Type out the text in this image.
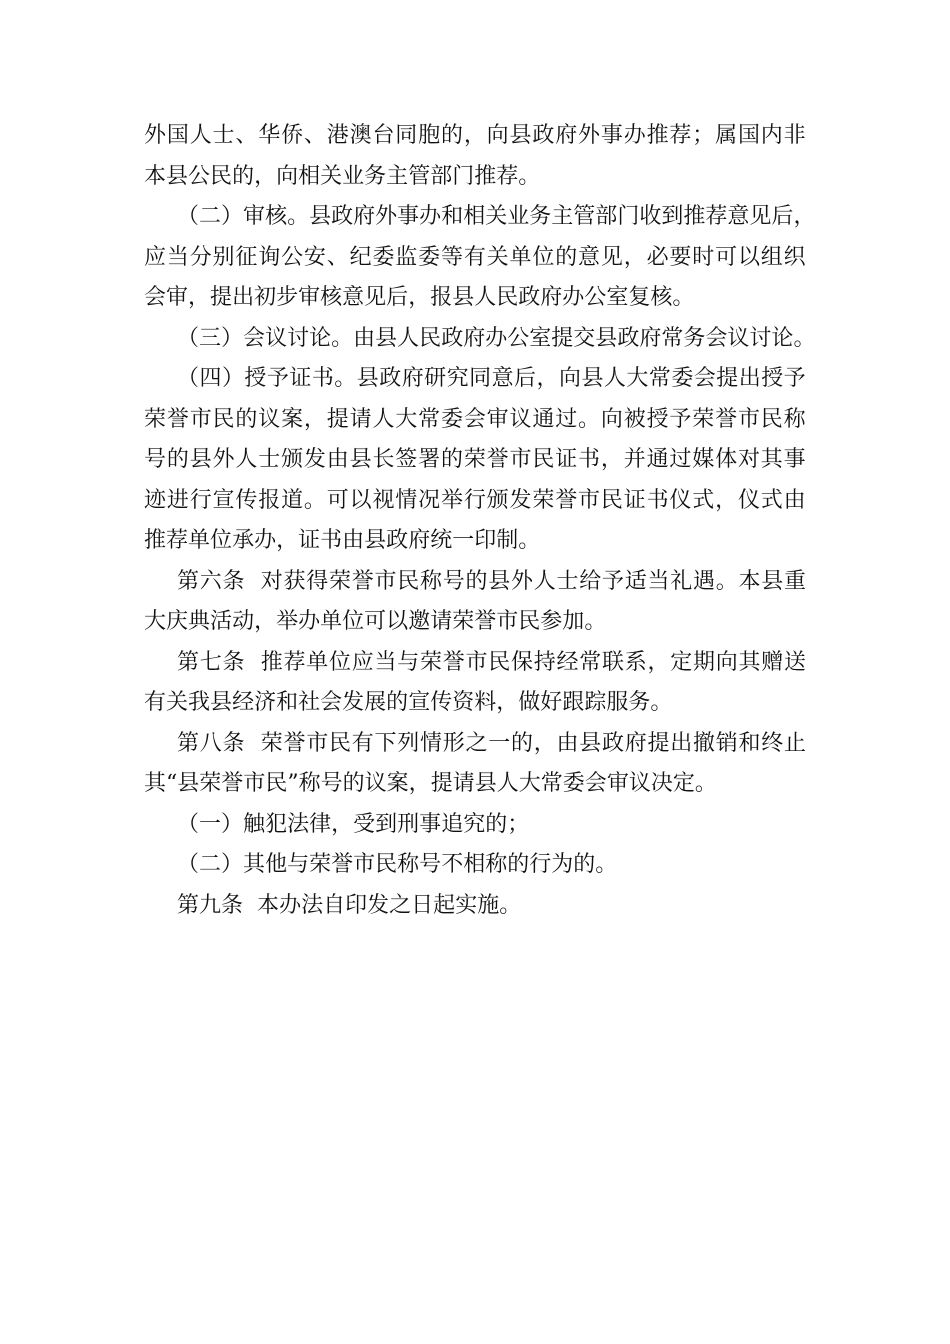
外 国 人 士 、 华 侨 、 港 澳 台 同 胞 的 ， 向 县 政 府 外 事 办 推 荐 ； 属 国 内 非
本 县 公 民 的 ， 向 相 关 业 务 主 管 部 门 推 荐 。
（ 二 ） 审 核 。 县 政 府 外 事 办 和 相 关 业 务 主 管 部 门 收 到 推 荐 意 见 后 ，
应 当 分 别 征 询 公 安 、 纪 委 监 委 等 有 关 单 位 的 意 见 ， 必 要 时 可 以 组 织
会 审 ， 提 出 初 步 审 核 意 见 后 ， 报 县 人 民 政 府 办 公 室 复 核 。
（ 三 ） 会 议 讨 论 。 由 县 人 民 政 府 办 公 室 提 交 县 政 府 常 务 会 议 讨 论 。
（ 四 ） 授 予 证 书 。 县 政 府 研 究 同 意 后 ， 向 县 人 大 常 委 会 提 出 授 予
荣 誉 市 民 的 议 案 ， 提 请 人 大 常 委 会 审 议 通 过 。 向 被 授 予 荣 誉 市 民 称
号 的 县 外 人 士 颁 发 由 县 长 签 署 的 荣 誉 市 民 证 书 ， 并 通 过 媒 体 对 其 事
迹 进 行 宣 传 报 道 。 可 以 视 情 况 举 行 颁 发 荣 誉 市 民 证 书 仪 式 ， 仪 式 由
推 荐 单 位 承 办 ， 证 书 由 县 政 府 统 一 印 制 。
第 六 条

对 获 得 荣 誉 市 民 称 号 的 县 外 人 士 给 予 适 当 礼 遇 。 本 县 重
大 庆 典 活 动 ， 举 办 单 位 可 以 邀 请 荣 誉 市 民 参 加 。
第 七 条

推 荐 单 位 应 当 与 荣 誉 市 民 保 持 经 常 联 系 ， 定 期 向 其 赠 送
有 关 我 县 经 济 和 社 会 发 展 的 宣 传 资 料 ， 做 好 跟 踪 服 务 。
第 八 条

荣 誉 市 民 有 下 列 情 形 之 一 的 ， 由 县 政 府 提 出 撤 销 和 终 止
其 “ 县 荣 誉 市 民 ” 称 号 的 议 案 ， 提 请 县 人 大 常 委 会 审 议 决 定 。
（ 一 ） 触 犯 法 律 ， 受 到 刑 事 追 究 的 ；
（ 二 ） 其 他 与 荣 誉 市 民 称 号 不 相 称 的 行 为 的 。
第 九 条

本 办 法 自 印 发 之 日 起 实 施 。
